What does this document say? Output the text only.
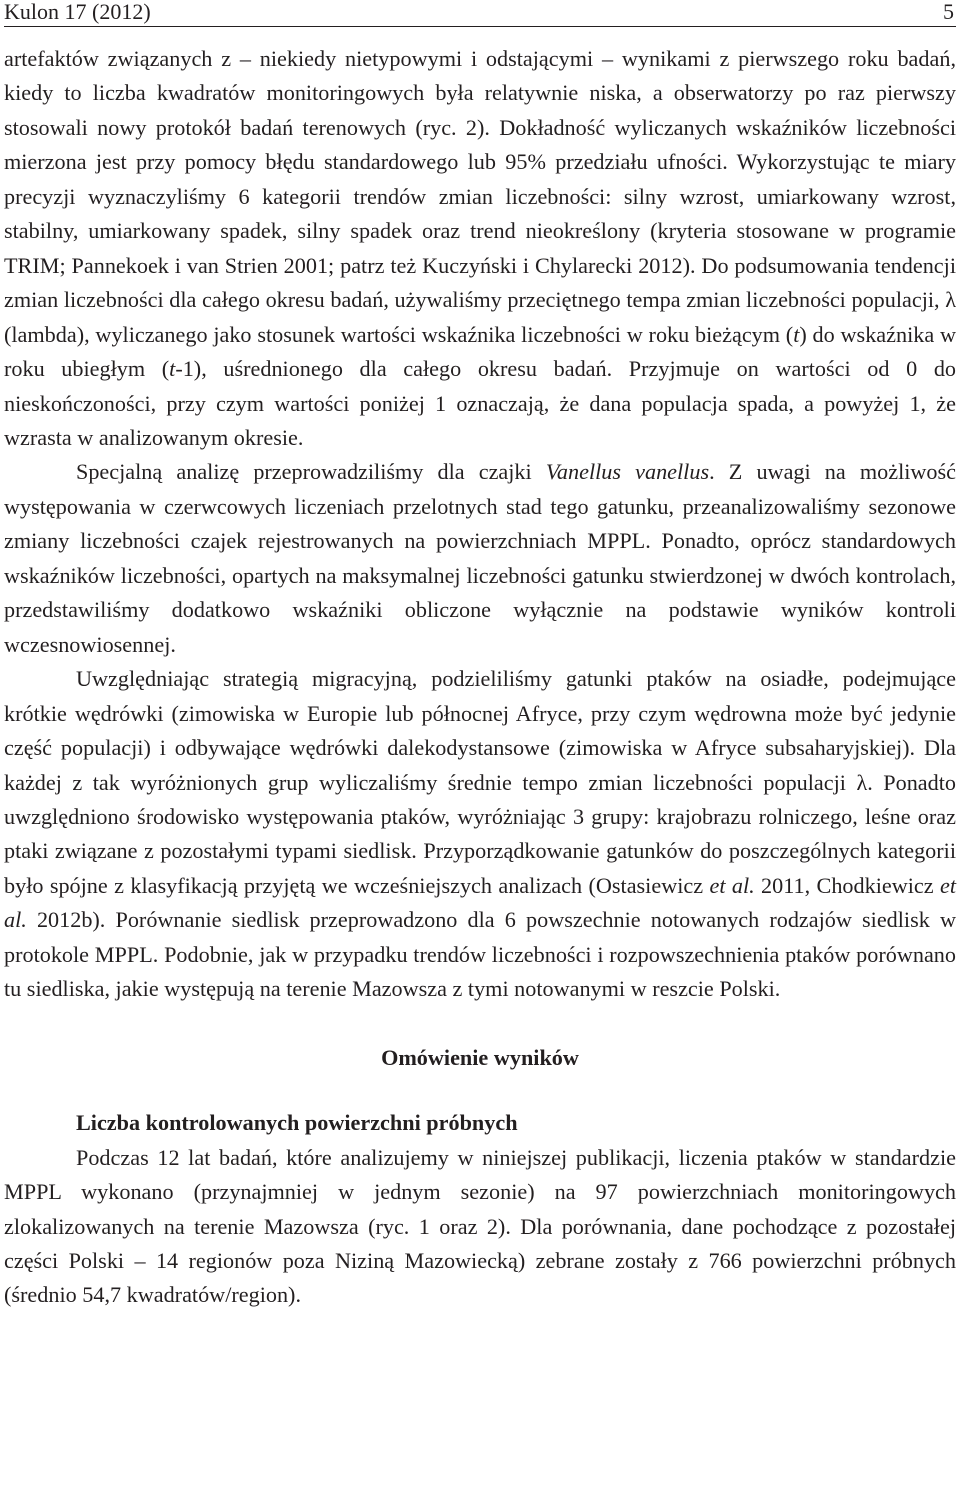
Kulon 17 (2012)	5

artefaktów związanych z – niekiedy nietypowymi i odstającymi – wynikami z pierwszego roku badań, kiedy to liczba kwadratów monitoringowych była relatywnie niska, a obserwatorzy po raz pierwszy stosowali nowy protokół badań terenowych (ryc. 2). Dokładność wyliczanych wskaźników liczebności mierzona jest przy pomocy błędu standardowego lub 95% przedziału ufności. Wykorzystując te miary precyzji wyznaczyliśmy 6 kategorii trendów zmian liczebności: silny wzrost, umiarkowany wzrost, stabilny, umiarkowany spadek, silny spadek oraz trend nieokreślony (kryteria stosowane w programie TRIM; Pannekoek i van Strien 2001; patrz też Kuczyński i Chylarecki 2012). Do podsumowania tendencji zmian liczebności dla całego okresu badań, używaliśmy przeciętnego tempa zmian liczebności populacji, λ (lambda), wyliczanego jako stosunek wartości wskaźnika liczebności w roku bieżącym (t) do wskaźnika w roku ubiegłym (t-1), uśrednionego dla całego okresu badań. Przyjmuje on wartości od 0 do nieskończoności, przy czym wartości poniżej 1 oznaczają, że dana populacja spada, a powyżej 1, że wzrasta w analizowanym okresie.

Specjalną analizę przeprowadziliśmy dla czajki Vanellus vanellus. Z uwagi na możliwość występowania w czerwcowych liczeniach przelotnych stad tego gatunku, przeanalizowaliśmy sezonowe zmiany liczebności czajek rejestrowanych na powierzchniach MPPL. Ponadto, oprócz standardowych wskaźników liczebności, opartych na maksymalnej liczebności gatunku stwierdzonej w dwóch kontrolach, przedstawiliśmy dodatkowo wskaźniki obliczone wyłącznie na podstawie wyników kontroli wczesnowiosennej.

Uwzględniając strategią migracyjną, podzieliliśmy gatunki ptaków na osiadłe, podejmujące krótkie wędrówki (zimowiska w Europie lub północnej Afryce, przy czym wędrowna może być jedynie część populacji) i odbywające wędrówki dalekodystansowe (zimowiska w Afryce subsaharyjskiej). Dla każdej z tak wyróżnionych grup wyliczaliśmy średnie tempo zmian liczebności populacji λ. Ponadto uwzględniono środowisko występowania ptaków, wyróżniając 3 grupy: krajobrazu rolniczego, leśne oraz ptaki związane z pozostałymi typami siedlisk. Przyporządkowanie gatunków do poszczególnych kategorii było spójne z klasyfikacją przyjętą we wcześniejszych analizach (Ostasiewicz et al. 2011, Chodkiewicz et al. 2012b). Porównanie siedlisk przeprowadzono dla 6 powszechnie notowanych rodzajów siedlisk w protokole MPPL. Podobnie, jak w przypadku trendów liczebności i rozpowszechnienia ptaków porównano tu siedliska, jakie występują na terenie Mazowsza z tymi notowanymi w reszcie Polski.

Omówienie wyników
Liczba kontrolowanych powierzchni próbnych

Podczas 12 lat badań, które analizujemy w niniejszej publikacji, liczenia ptaków w standardzie MPPL wykonano (przynajmniej w jednym sezonie) na 97 powierzchniach monitoringowych zlokalizowanych na terenie Mazowsza (ryc. 1 oraz 2). Dla porównania, dane pochodzące z pozostałej części Polski – 14 regionów poza Niziną Mazowiecką) zebrane zostały z 766 powierzchni próbnych (średnio 54,7 kwadratów/region).
